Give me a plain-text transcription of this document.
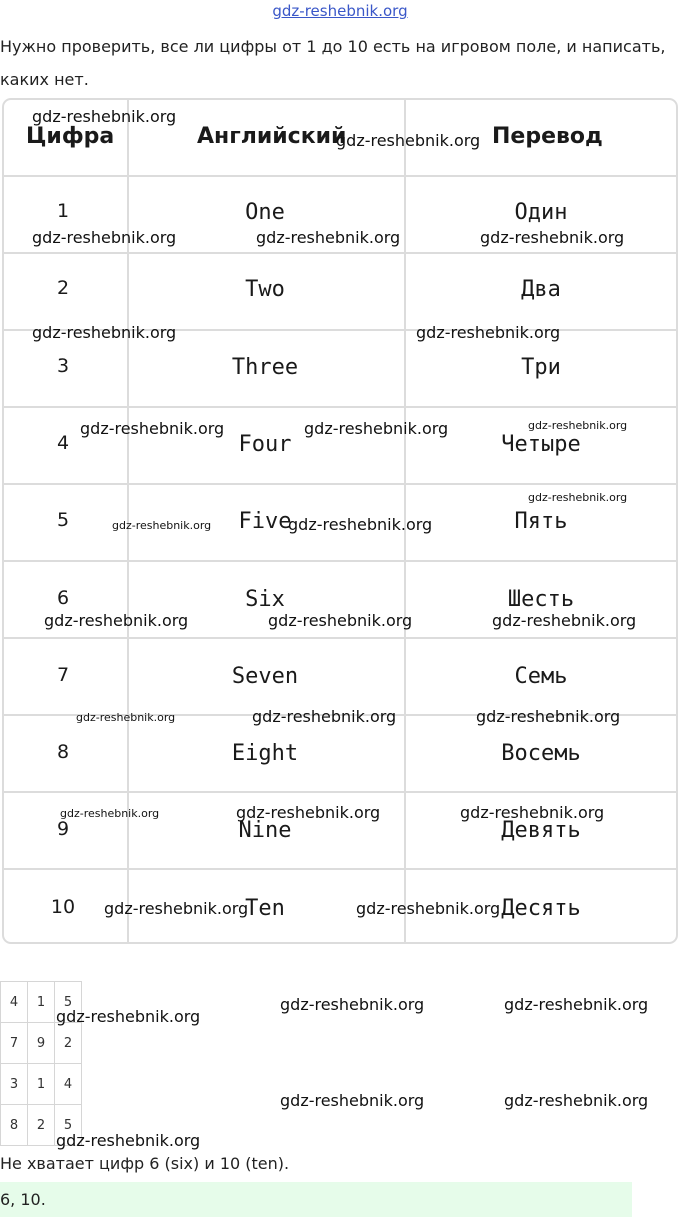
gdz-reshebnik.org
Нужно проверить, все ли цифры от 1 до 10 есть на игровом поле, и написать, каких нет.
Цифра	Английский	Перевод
1	One	Один
2	Two	Два
3	Three	Три
4	Four	Четыре
5	Five	Пять
6	Six	Шесть
7	Seven	Семь
8	Eight	Восемь
9	Nine	Девять
10	Ten	Десять
4	1	5
7	9	2
3	1	4
8	2	5
Не хватает цифр 6 (six) и 10 (ten).
6, 10.
gdz-reshebnik.org
gdz-reshebnik.org
gdz-reshebnik.org	gdz-reshebnik.org	gdz-reshebnik.org
gdz-reshebnik.org	gdz-reshebnik.org
gdz-reshebnik.org	gdz-reshebnik.org	gdz-reshebnik.org
gdz-reshebnik.org
gdz-reshebnik.org	gdz-reshebnik.org
gdz-reshebnik.org	gdz-reshebnik.org	gdz-reshebnik.org
gdz-reshebnik.org	gdz-reshebnik.org	gdz-reshebnik.org
gdz-reshebnik.org	gdz-reshebnik.org	gdz-reshebnik.org
gdz-reshebnik.org	gdz-reshebnik.org
gdz-reshebnik.org	gdz-reshebnik.org
gdz-reshebnik.org
gdz-reshebnik.org	gdz-reshebnik.org
gdz-reshebnik.org
